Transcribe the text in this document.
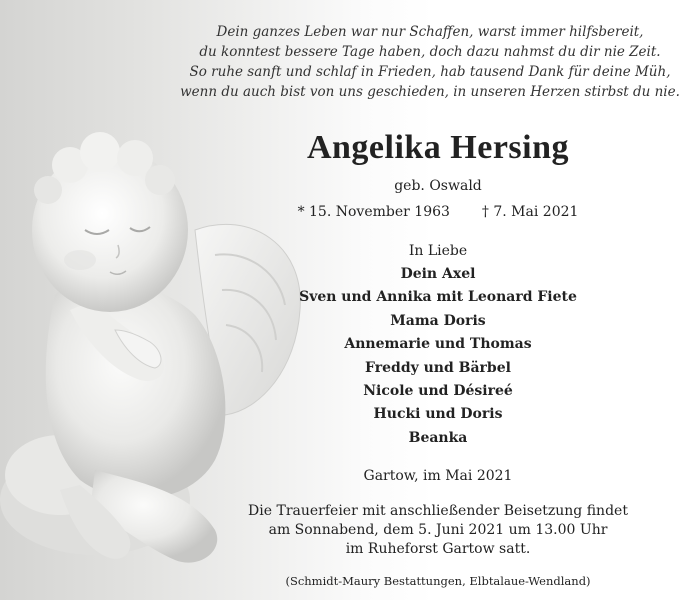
Dein ganzes Leben war nur Schaffen, warst immer hilfsbereit,
du konntest bessere Tage haben, doch dazu nahmst du dir nie Zeit.
So ruhe sanft und schlaf in Frieden, hab tausend Dank für deine Müh,
wenn du auch bist von uns geschieden, in unseren Herzen stirbst du nie.
Angelika Hersing
geb. Oswald
* 15. November 1963 † 7. Mai 2021
In Liebe
Dein Axel
Sven und Annika mit Leonard Fiete
Mama Doris
Annemarie und Thomas
Freddy und Bärbel
Nicole und Désireé
Hucki und Doris
Beanka
Gartow, im Mai 2021
Die Trauerfeier mit anschließender Beisetzung findet
am Sonnabend, dem 5. Juni 2021 um 13.00 Uhr
im Ruheforst Gartow satt.
(Schmidt-Maury Bestattungen, Elbtalaue-Wendland)
